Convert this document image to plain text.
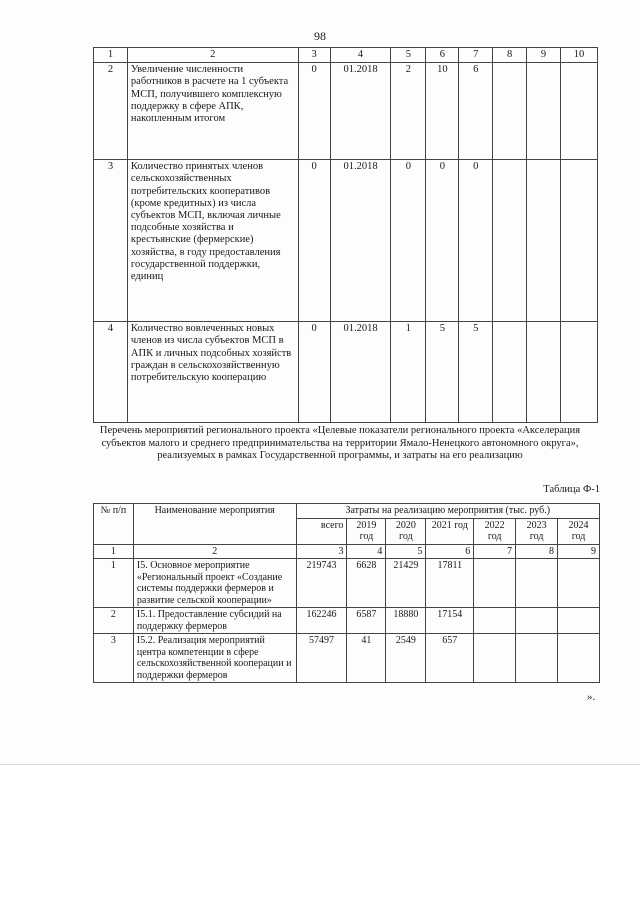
98
1	2	3	4	5	6	7	8	9	10
2	Увеличение численности работников в расчете на 1 субъекта МСП, получившего комплексную поддержку в сфере АПК, накопленным итогом	0	01.2018	2	10	6			
3	Количество принятых членов сельскохозяйственных потребительских кооперативов (кроме кредитных) из числа субъектов МСП, включая личные подсобные хозяйства и крестьянские (фермерские) хозяйства, в году предоставления государственной поддержки, единиц	0	01.2018	0	0	0			
4	Количество вовлеченных новых членов из числа субъектов МСП в АПК и личных подсобных хозяйств граждан в сельскохозяйственную потребительскую кооперацию	0	01.2018	1	5	5			
Перечень мероприятий регионального проекта «Целевые показатели регионального проекта «Акселерация субъектов малого и среднего предпринимательства на территории Ямало-Ненецкого автономного округа», реализуемых в рамках Государственной программы, и затраты на его реализацию
Таблица Ф-1
№ п/п	Наименование мероприятия	Затраты на реализацию мероприятия (тыс. руб.)						
		всего	2019 год	2020 год	2021 год	2022 год	2023 год	2024 год
1	2	3	4	5	6	7	8	9
1	I5. Основное мероприятие «Региональный проект «Создание системы поддержки фермеров и развитие сельской кооперации»	219743	6628	21429	17811			
2	I5.1. Предоставление субсидий на поддержку фермеров	162246	6587	18880	17154			
3	I5.2. Реализация мероприятий центра компетенции в сфере сельскохозяйственной кооперации и поддержки фермеров	57497	41	2549	657			
».
